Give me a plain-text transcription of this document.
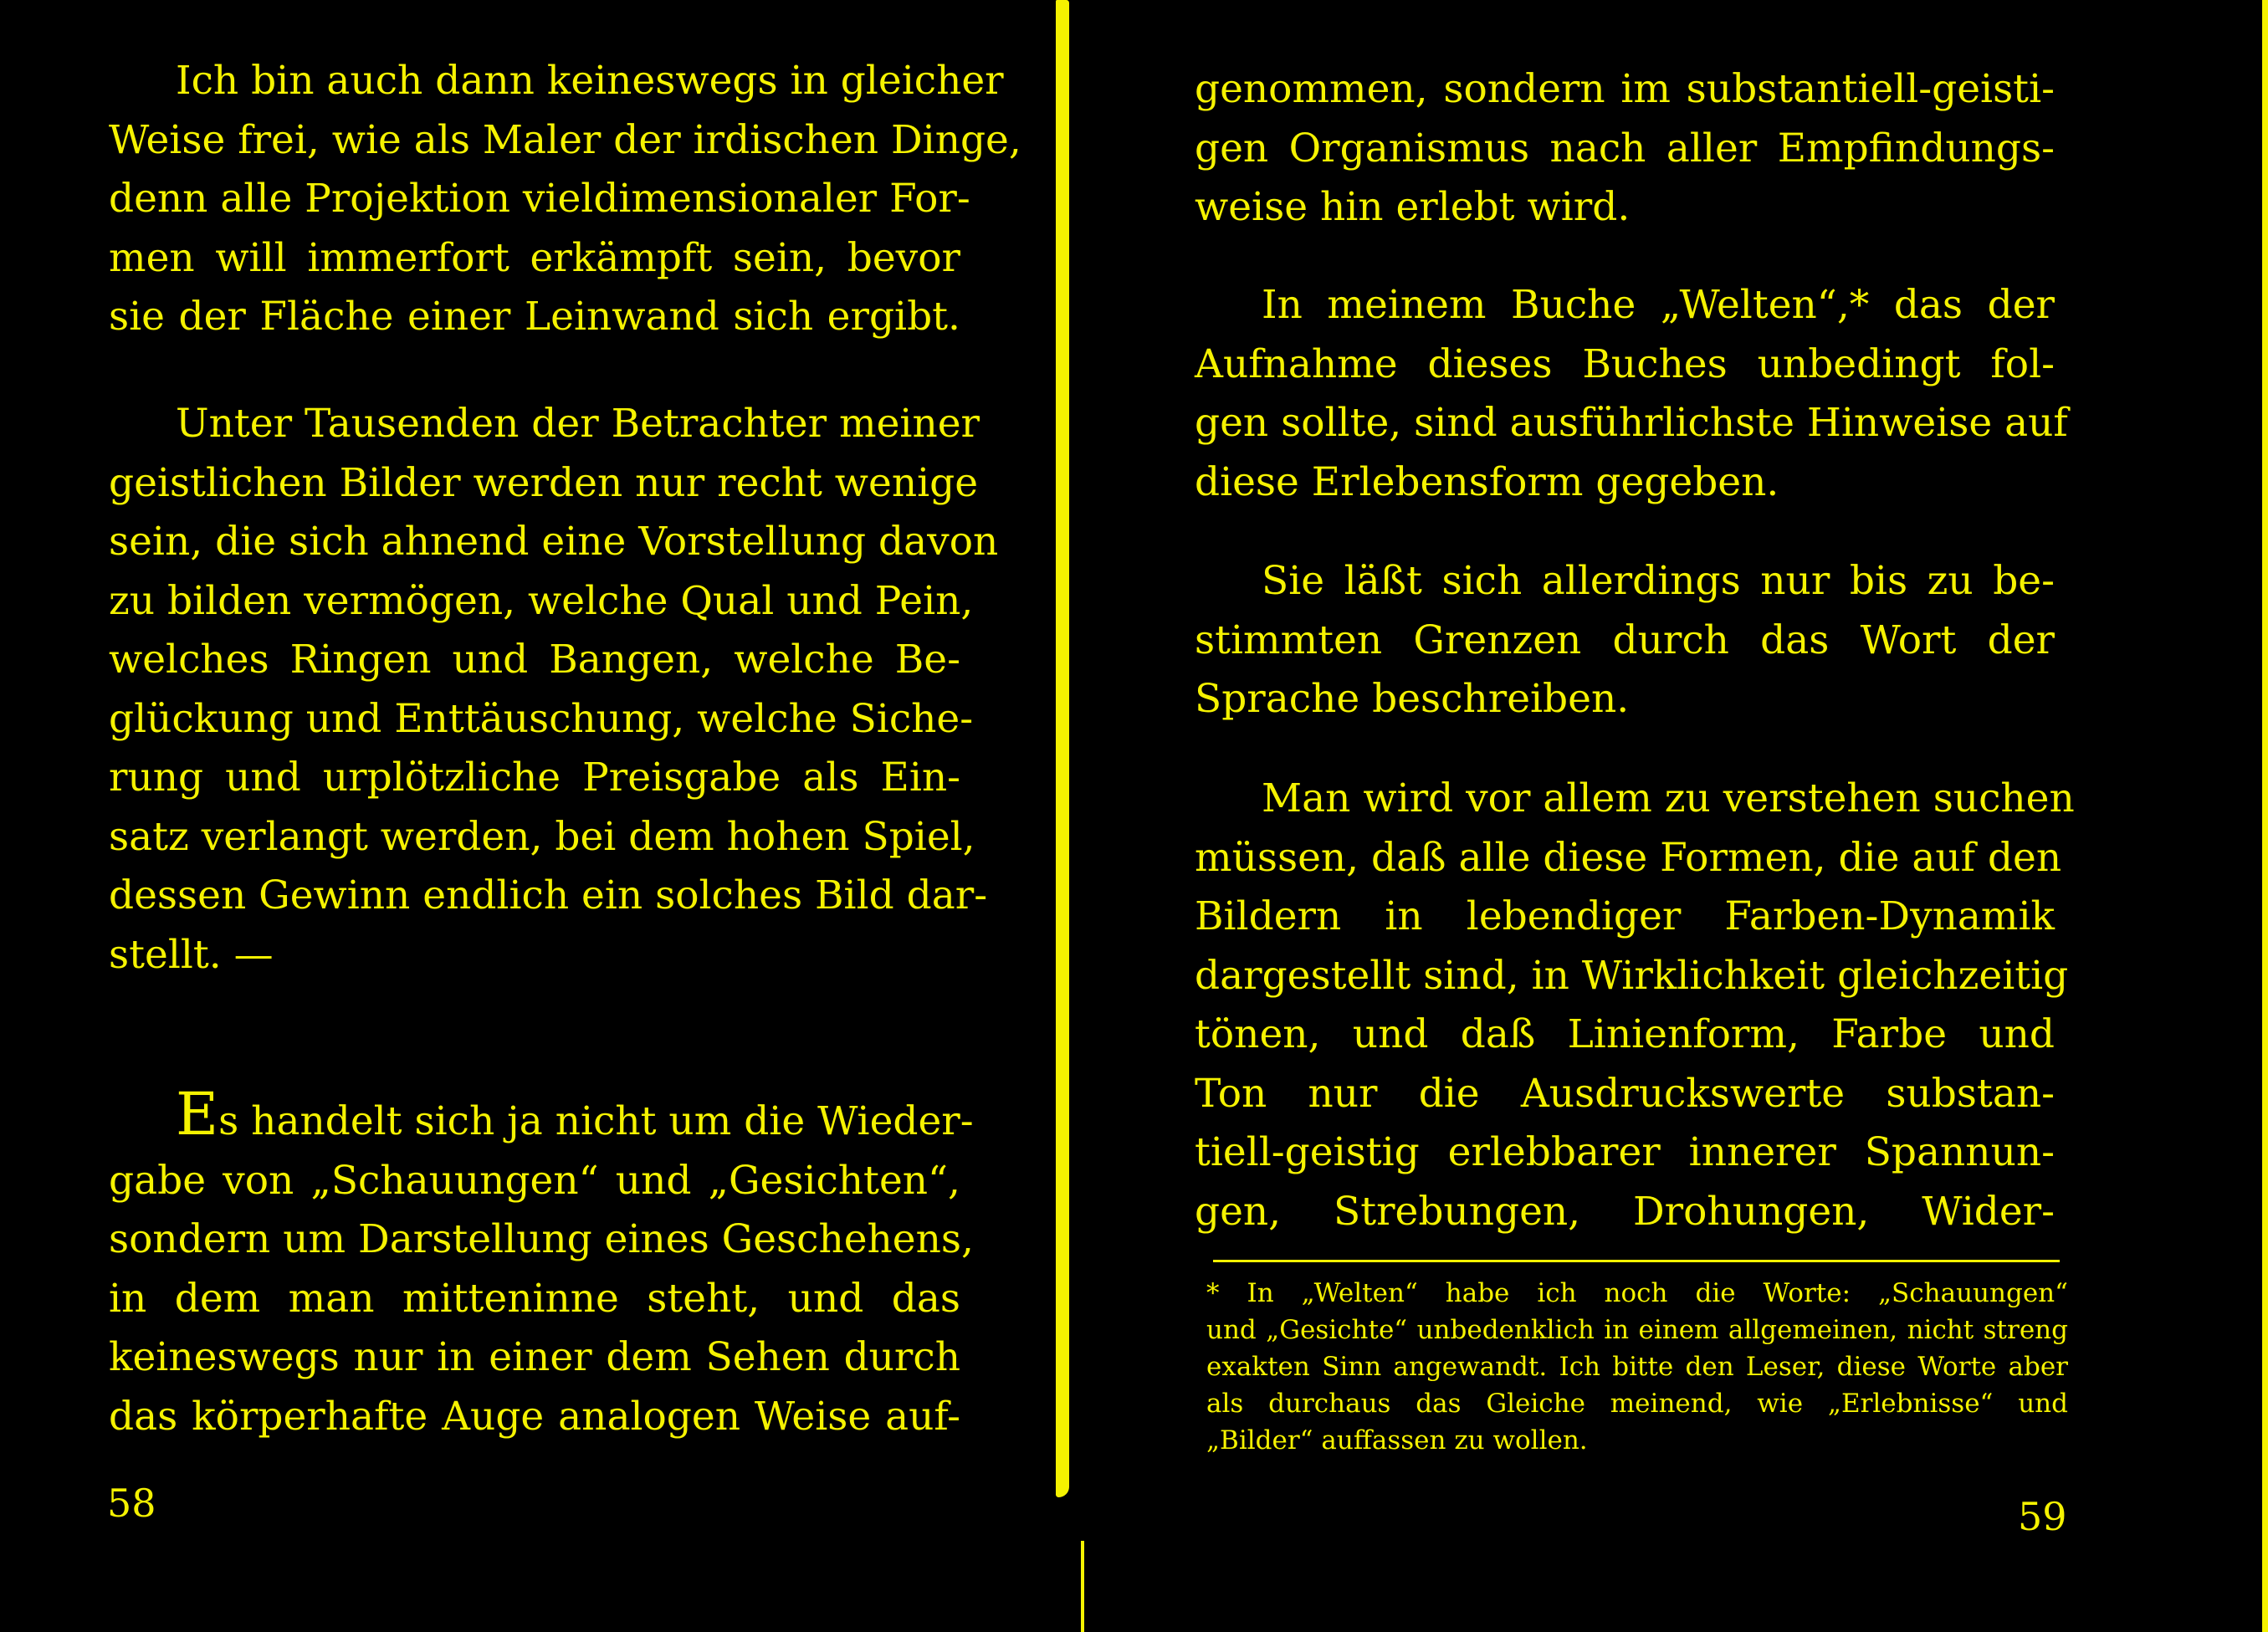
Ich bin auch dann keineswegs in gleicher
Weise frei, wie als Maler der irdischen Dinge,
denn alle Projektion vieldimensionaler For-
men will immerfort erkämpft sein, bevor
sie der Fläche einer Leinwand sich ergibt.

Unter Tausenden der Betrachter meiner
geistlichen Bilder werden nur recht wenige
sein, die sich ahnend eine Vorstellung davon
zu bilden vermögen, welche Qual und Pein,
welches Ringen und Bangen, welche Be-
glückung und Enttäuschung, welche Siche-
rung und urplötzliche Preisgabe als Ein-
satz verlangt werden, bei dem hohen Spiel,
dessen Gewinn endlich ein solches Bild dar-
stellt. —

Es handelt sich ja nicht um die Wieder-
gabe von „Schauungen“ und „Gesichten“,
sondern um Darstellung eines Geschehens,
in dem man mitteninne steht, und das
keineswegs nur in einer dem Sehen durch
das körperhafte Auge analogen Weise auf-

58

genommen, sondern im substantiell-geisti-
gen Organismus nach aller Empfindungs-
weise hin erlebt wird.

In meinem Buche „Welten“,* das der
Aufnahme dieses Buches unbedingt fol-
gen sollte, sind ausführlichste Hinweise auf
diese Erlebensform gegeben.

Sie läßt sich allerdings nur bis zu be-
stimmten Grenzen durch das Wort der
Sprache beschreiben.

Man wird vor allem zu verstehen suchen
müssen, daß alle diese Formen, die auf den
Bildern in lebendiger Farben-Dynamik
dargestellt sind, in Wirklichkeit gleichzeitig
tönen, und daß Linienform, Farbe und
Ton nur die Ausdruckswerte substan-
tiell-geistig erlebbarer innerer Spannun-
gen, Strebungen, Drohungen, Wider-

* In „Welten“ habe ich noch die Worte: „Schauungen“
und „Gesichte“ unbedenklich in einem allgemeinen, nicht streng
exakten Sinn angewandt. Ich bitte den Leser, diese Worte aber
als durchaus das Gleiche meinend, wie „Erlebnisse“ und
„Bilder“ auffassen zu wollen.
59
